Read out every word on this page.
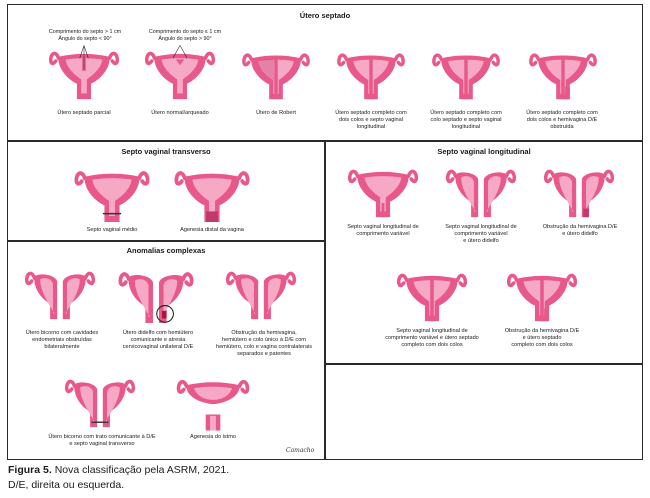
Útero septado
Septo vaginal transverso	Septo vaginal longitudinal
Anomalias complexas
Comprimento do septo > 1 cm
Ângulo do septo < 90°
Comprimento do septo ≤ 1 cm
Ângulo do septo > 90°
Útero septado parcial	Útero normal/arqueado	Útero de Robert	Útero septado completo com
dois colos e septo vaginal
longitudinal
Útero septado completo com
colo septado e septo vaginal
longitudinal
Útero septado completo com
dois colos e hemivagina D/E
obstruída
Septo vaginal médio	Agenesia distal da vagina	Septo vaginal longitudinal de
comprimento variável
Septo vaginal longitudinal de
comprimento variável
e útero didelfo
Obstrução da hemivagina D/E
e útero didelfo
Septo vaginal longitudinal de
comprimento variável e útero septado
completo com dois colos
Obstrução da hemivagina D/E
e útero septado
completo com dois colos
Útero bicorno com cavidades
endometriais obstruídas
bilateralmente
Útero didelfo com hemiútero
comunicante e atresia
cervicovaginal unilateral D/E
Obstrução da hemivagina,
hemiútero e colo único à D/E com
hemiútero, colo e vagina contralaterais
separados e patentes
Útero bicorno com trato comunicante à D/E
e septo vaginal transverso
Agenesia do istmo
Camacho
Figura 5. Nova classificação pela ASRM, 2021.
D/E, direita ou esquerda.
